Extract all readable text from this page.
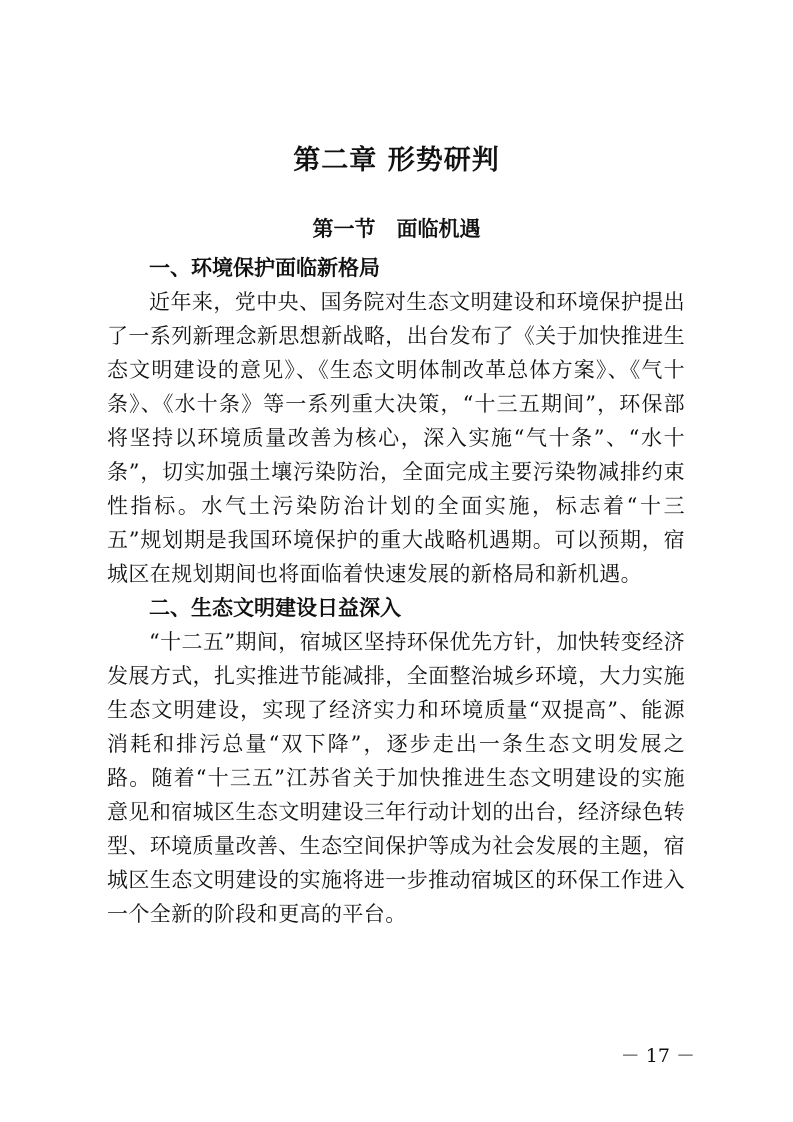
第二章 形势研判
第一节　面临机遇
一、环境保护面临新格局

近年来，党中央、国务院对生态文明建设和环境保护提出了一系列新理念新思想新战略，出台发布了《关于加快推进生态文明建设的意见》、《生态文明体制改革总体方案》、《气十条》、《水十条》等一系列重大决策，“十三五期间”，环保部将坚持以环境质量改善为核心，深入实施“气十条”、“水十条”，切实加强土壤污染防治，全面完成主要污染物减排约束性指标。水气土污染防治计划的全面实施，标志着“十三五”规划期是我国环境保护的重大战略机遇期。可以预期，宿城区在规划期间也将面临着快速发展的新格局和新机遇。

二、生态文明建设日益深入

“十二五”期间，宿城区坚持环保优先方针，加快转变经济发展方式，扎实推进节能减排，全面整治城乡环境，大力实施生态文明建设，实现了经济实力和环境质量“双提高”、能源消耗和排污总量“双下降”，逐步走出一条生态文明发展之路。随着“十三五”江苏省关于加快推进生态文明建设的实施意见和宿城区生态文明建设三年行动计划的出台，经济绿色转型、环境质量改善、生态空间保护等成为社会发展的主题，宿城区生态文明建设的实施将进一步推动宿城区的环保工作进入一个全新的阶段和更高的平台。

－ 17 －
